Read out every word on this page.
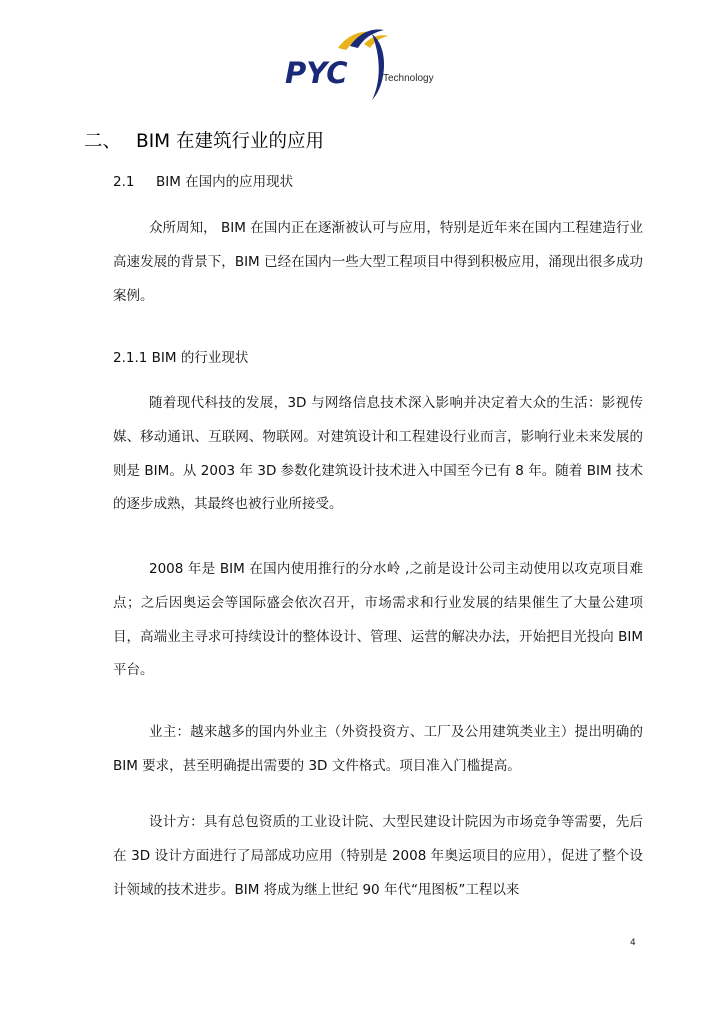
PYC	Technology
二、 BIM 在建筑行业的应用
2.1 BIM 在国内的应用现状
众所周知， BIM 在国内正在逐渐被认可与应用，特别是近年来在国内工程建造行业高速发展的背景下，BIM 已经在国内一些大型工程项目中得到积极应用，涌现出很多成功案例。
2.1.1 BIM 的行业现状
随着现代科技的发展，3D 与网络信息技术深入影响并决定着大众的生活：影视传媒、移动通讯、互联网、物联网。对建筑设计和工程建设行业而言，影响行业未来发展的则是 BIM。从 2003 年 3D 参数化建筑设计技术进入中国至今已有 8 年。随着 BIM 技术的逐步成熟，其最终也被行业所接受。
2008 年是 BIM 在国内使用推行的分水岭 ,之前是设计公司主动使用以攻克项目难点；之后因奥运会等国际盛会依次召开，市场需求和行业发展的结果催生了大量公建项目，高端业主寻求可持续设计的整体设计、管理、运营的解决办法，开始把目光投向 BIM 平台。
业主：越来越多的国内外业主（外资投资方、工厂及公用建筑类业主）提出明确的 BIM 要求，甚至明确提出需要的 3D 文件格式。项目准入门槛提高。
设计方：具有总包资质的工业设计院、大型民建设计院因为市场竞争等需要，先后在 3D 设计方面进行了局部成功应用（特别是 2008 年奥运项目的应用），促进了整个设计领域的技术进步。BIM 将成为继上世纪 90 年代“甩图板”工程以来
4
